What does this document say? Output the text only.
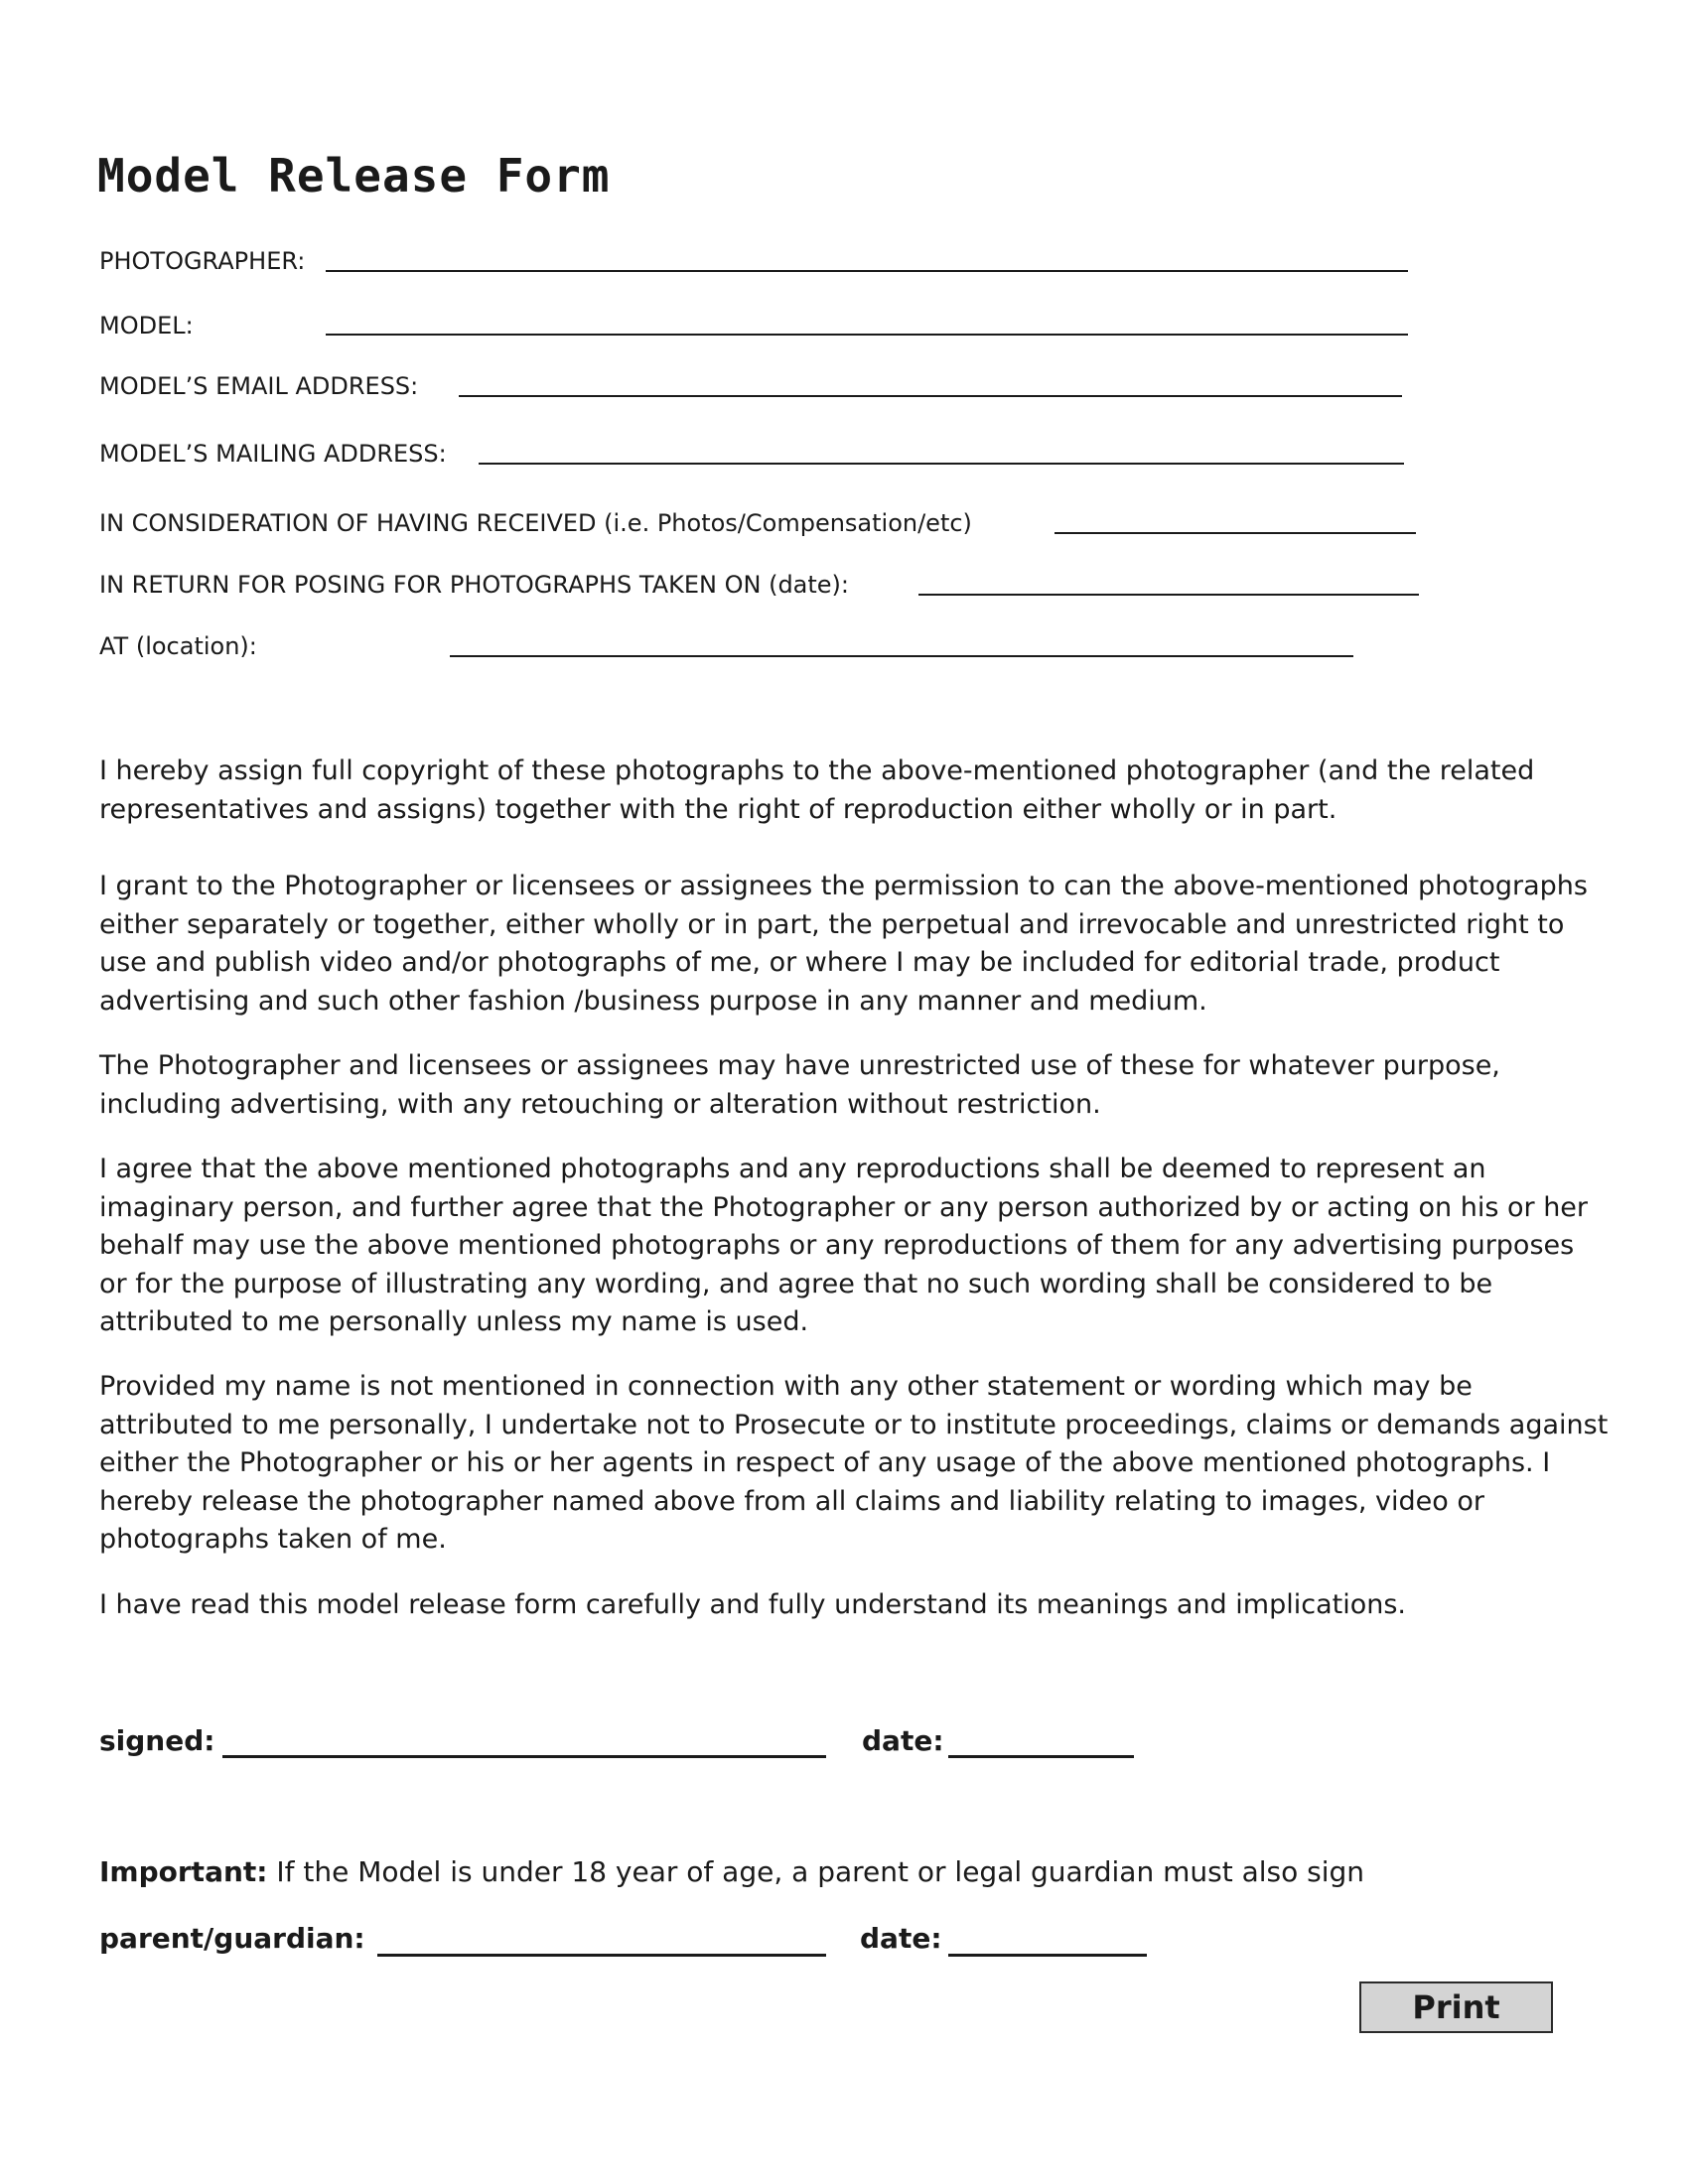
Model Release Form
PHOTOGRAPHER:
MODEL:
MODEL’S EMAIL ADDRESS:
MODEL’S MAILING ADDRESS:
IN CONSIDERATION OF HAVING RECEIVED (i.e. Photos/Compensation/etc)
IN RETURN FOR POSING FOR PHOTOGRAPHS TAKEN ON (date):
AT (location):

I hereby assign full copyright of these photographs to the above-mentioned photographer (and the related representatives and assigns) together with the right of reproduction either wholly or in part.

I grant to the Photographer or licensees or assignees the permission to can the above-mentioned photographs either separately or together, either wholly or in part, the perpetual and irrevocable and unrestricted right to use and publish video and/or photographs of me, or where I may be included for editorial trade, product advertising and such other fashion /business purpose in any manner and medium.

The Photographer and licensees or assignees may have unrestricted use of these for whatever purpose, including advertising, with any retouching or alteration without restriction.

I agree that the above mentioned photographs and any reproductions shall be deemed to represent an imaginary person, and further agree that the Photographer or any person authorized by or acting on his or her behalf may use the above mentioned photographs or any reproductions of them for any advertising purposes or for the purpose of illustrating any wording, and agree that no such wording shall be considered to be attributed to me personally unless my name is used.

Provided my name is not mentioned in connection with any other statement or wording which may be attributed to me personally, I undertake not to Prosecute or to institute proceedings, claims or demands against either the Photographer or his or her agents in respect of any usage of the above mentioned photographs. I hereby release the photographer named above from all claims and liability relating to images, video or photographs taken of me.

I have read this model release form carefully and fully understand its meanings and implications.

signed:	date:
Important: If the Model is under 18 year of age, a parent or legal guardian must also sign
parent/guardian:	date:
Print
